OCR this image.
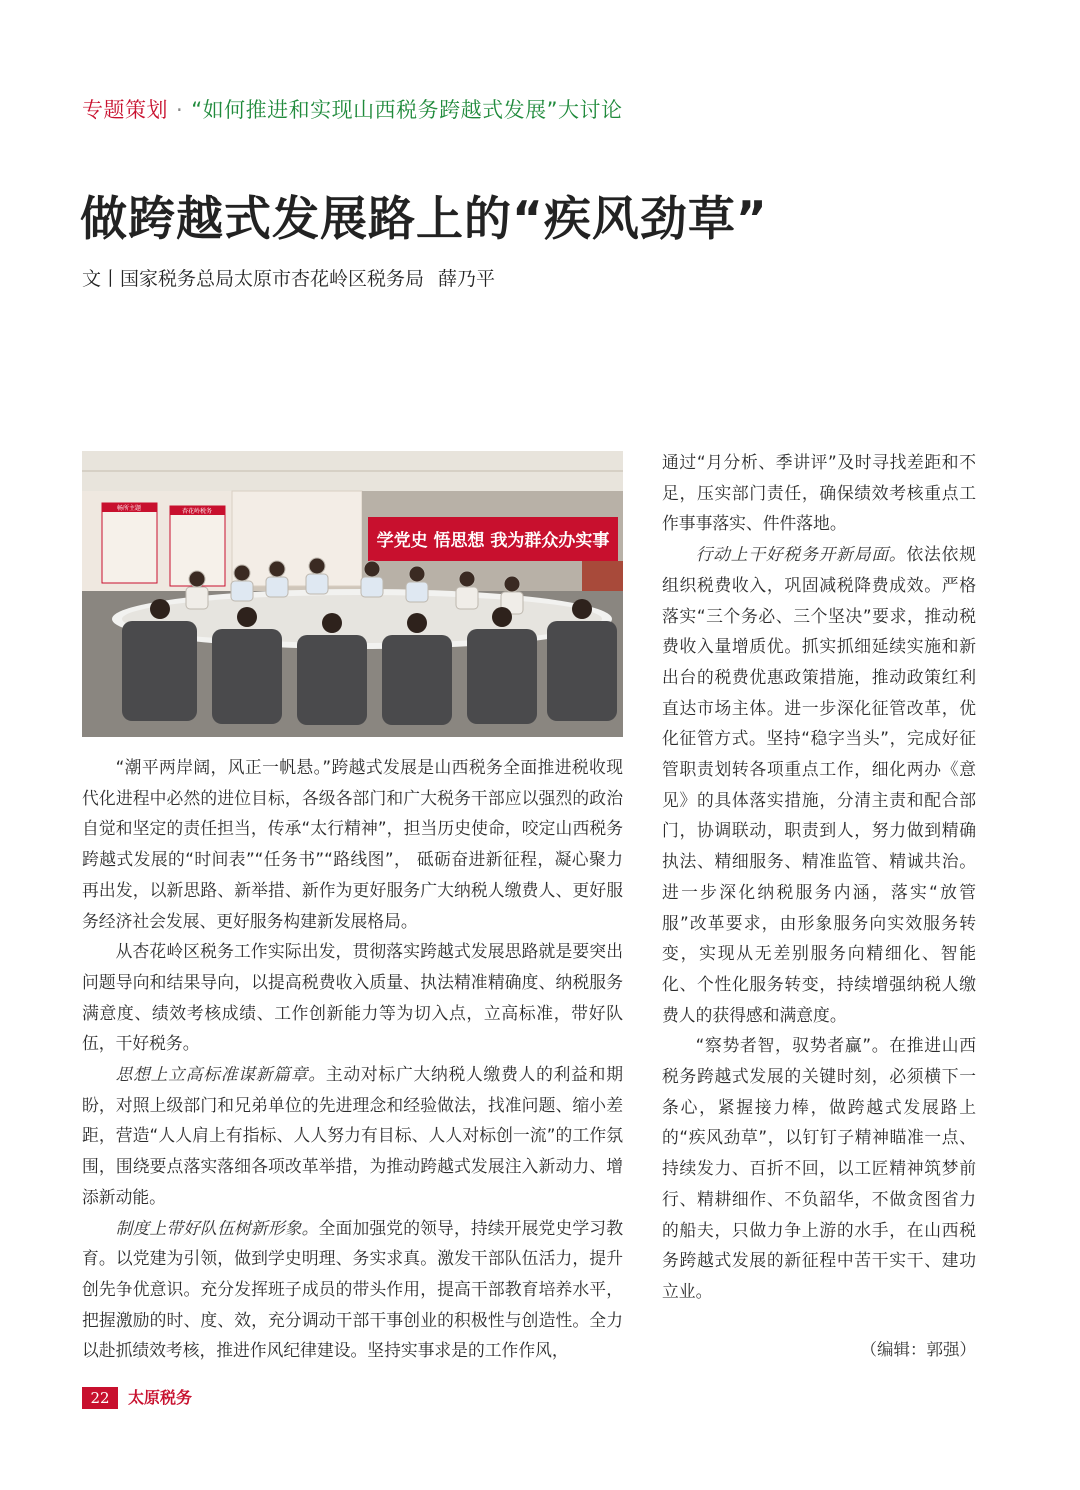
专题策划 · “如何推进和实现山西税务跨越式发展”大讨论
做跨越式发展路上的“疾风劲草”
文丨国家税务总局太原市杏花岭区税务局 薛乃平
畅所主题	杏花岭税务
学党史 悟思想 我为群众办实事

“潮平两岸阔，风正一帆悬。”跨越式发展是山西税务全面推进税收现代化进程中必然的进位目标，各级各部门和广大税务干部应以强烈的政治自觉和坚定的责任担当，传承“太行精神”，担当历史使命，咬定山西税务跨越式发展的“时间表”“任务书”“路线图”， 砥砺奋进新征程，凝心聚力再出发，以新思路、新举措、新作为更好服务广大纳税人缴费人、更好服务经济社会发展、更好服务构建新发展格局。

从杏花岭区税务工作实际出发，贯彻落实跨越式发展思路就是要突出问题导向和结果导向，以提高税费收入质量、执法精准精确度、纳税服务满意度、绩效考核成绩、工作创新能力等为切入点，立高标准，带好队伍，干好税务。

思想上立高标准谋新篇章。主动对标广大纳税人缴费人的利益和期盼，对照上级部门和兄弟单位的先进理念和经验做法，找准问题、缩小差距，营造“人人肩上有指标、人人努力有目标、人人对标创一流”的工作氛围，围绕要点落实落细各项改革举措，为推动跨越式发展注入新动力、增添新动能。

制度上带好队伍树新形象。全面加强党的领导，持续开展党史学习教育。以党建为引领，做到学史明理、务实求真。激发干部队伍活力，提升创先争优意识。充分发挥班子成员的带头作用，提高干部教育培养水平，把握激励的时、度、效，充分调动干部干事创业的积极性与创造性。全力以赴抓绩效考核，推进作风纪律建设。坚持实事求是的工作作风，

通过“月分析、季讲评”及时寻找差距和不足，压实部门责任，确保绩效考核重点工作事事落实、件件落地。

行动上干好税务开新局面。依法依规组织税费收入，巩固减税降费成效。严格落实“三个务必、三个坚决”要求，推动税费收入量增质优。抓实抓细延续实施和新出台的税费优惠政策措施，推动政策红利直达市场主体。进一步深化征管改革，优化征管方式。坚持“稳字当头”，完成好征管职责划转各项重点工作，细化两办《意见》的具体落实措施，分清主责和配合部门，协调联动，职责到人，努力做到精确执法、精细服务、精准监管、精诚共治。进一步深化纳税服务内涵，落实“放管服”改革要求，由形象服务向实效服务转变，实现从无差别服务向精细化、智能化、个性化服务转变，持续增强纳税人缴费人的获得感和满意度。

“察势者智，驭势者赢”。在推进山西税务跨越式发展的关键时刻，必须横下一条心，紧握接力棒，做跨越式发展路上的“疾风劲草”，以钉钉子精神瞄准一点、持续发力、百折不回，以工匠精神筑梦前行、精耕细作、不负韶华，不做贪图省力的船夫，只做力争上游的水手，在山西税务跨越式发展的新征程中苦干实干、建功立业。

（编辑：郭强）
22	太原税务
